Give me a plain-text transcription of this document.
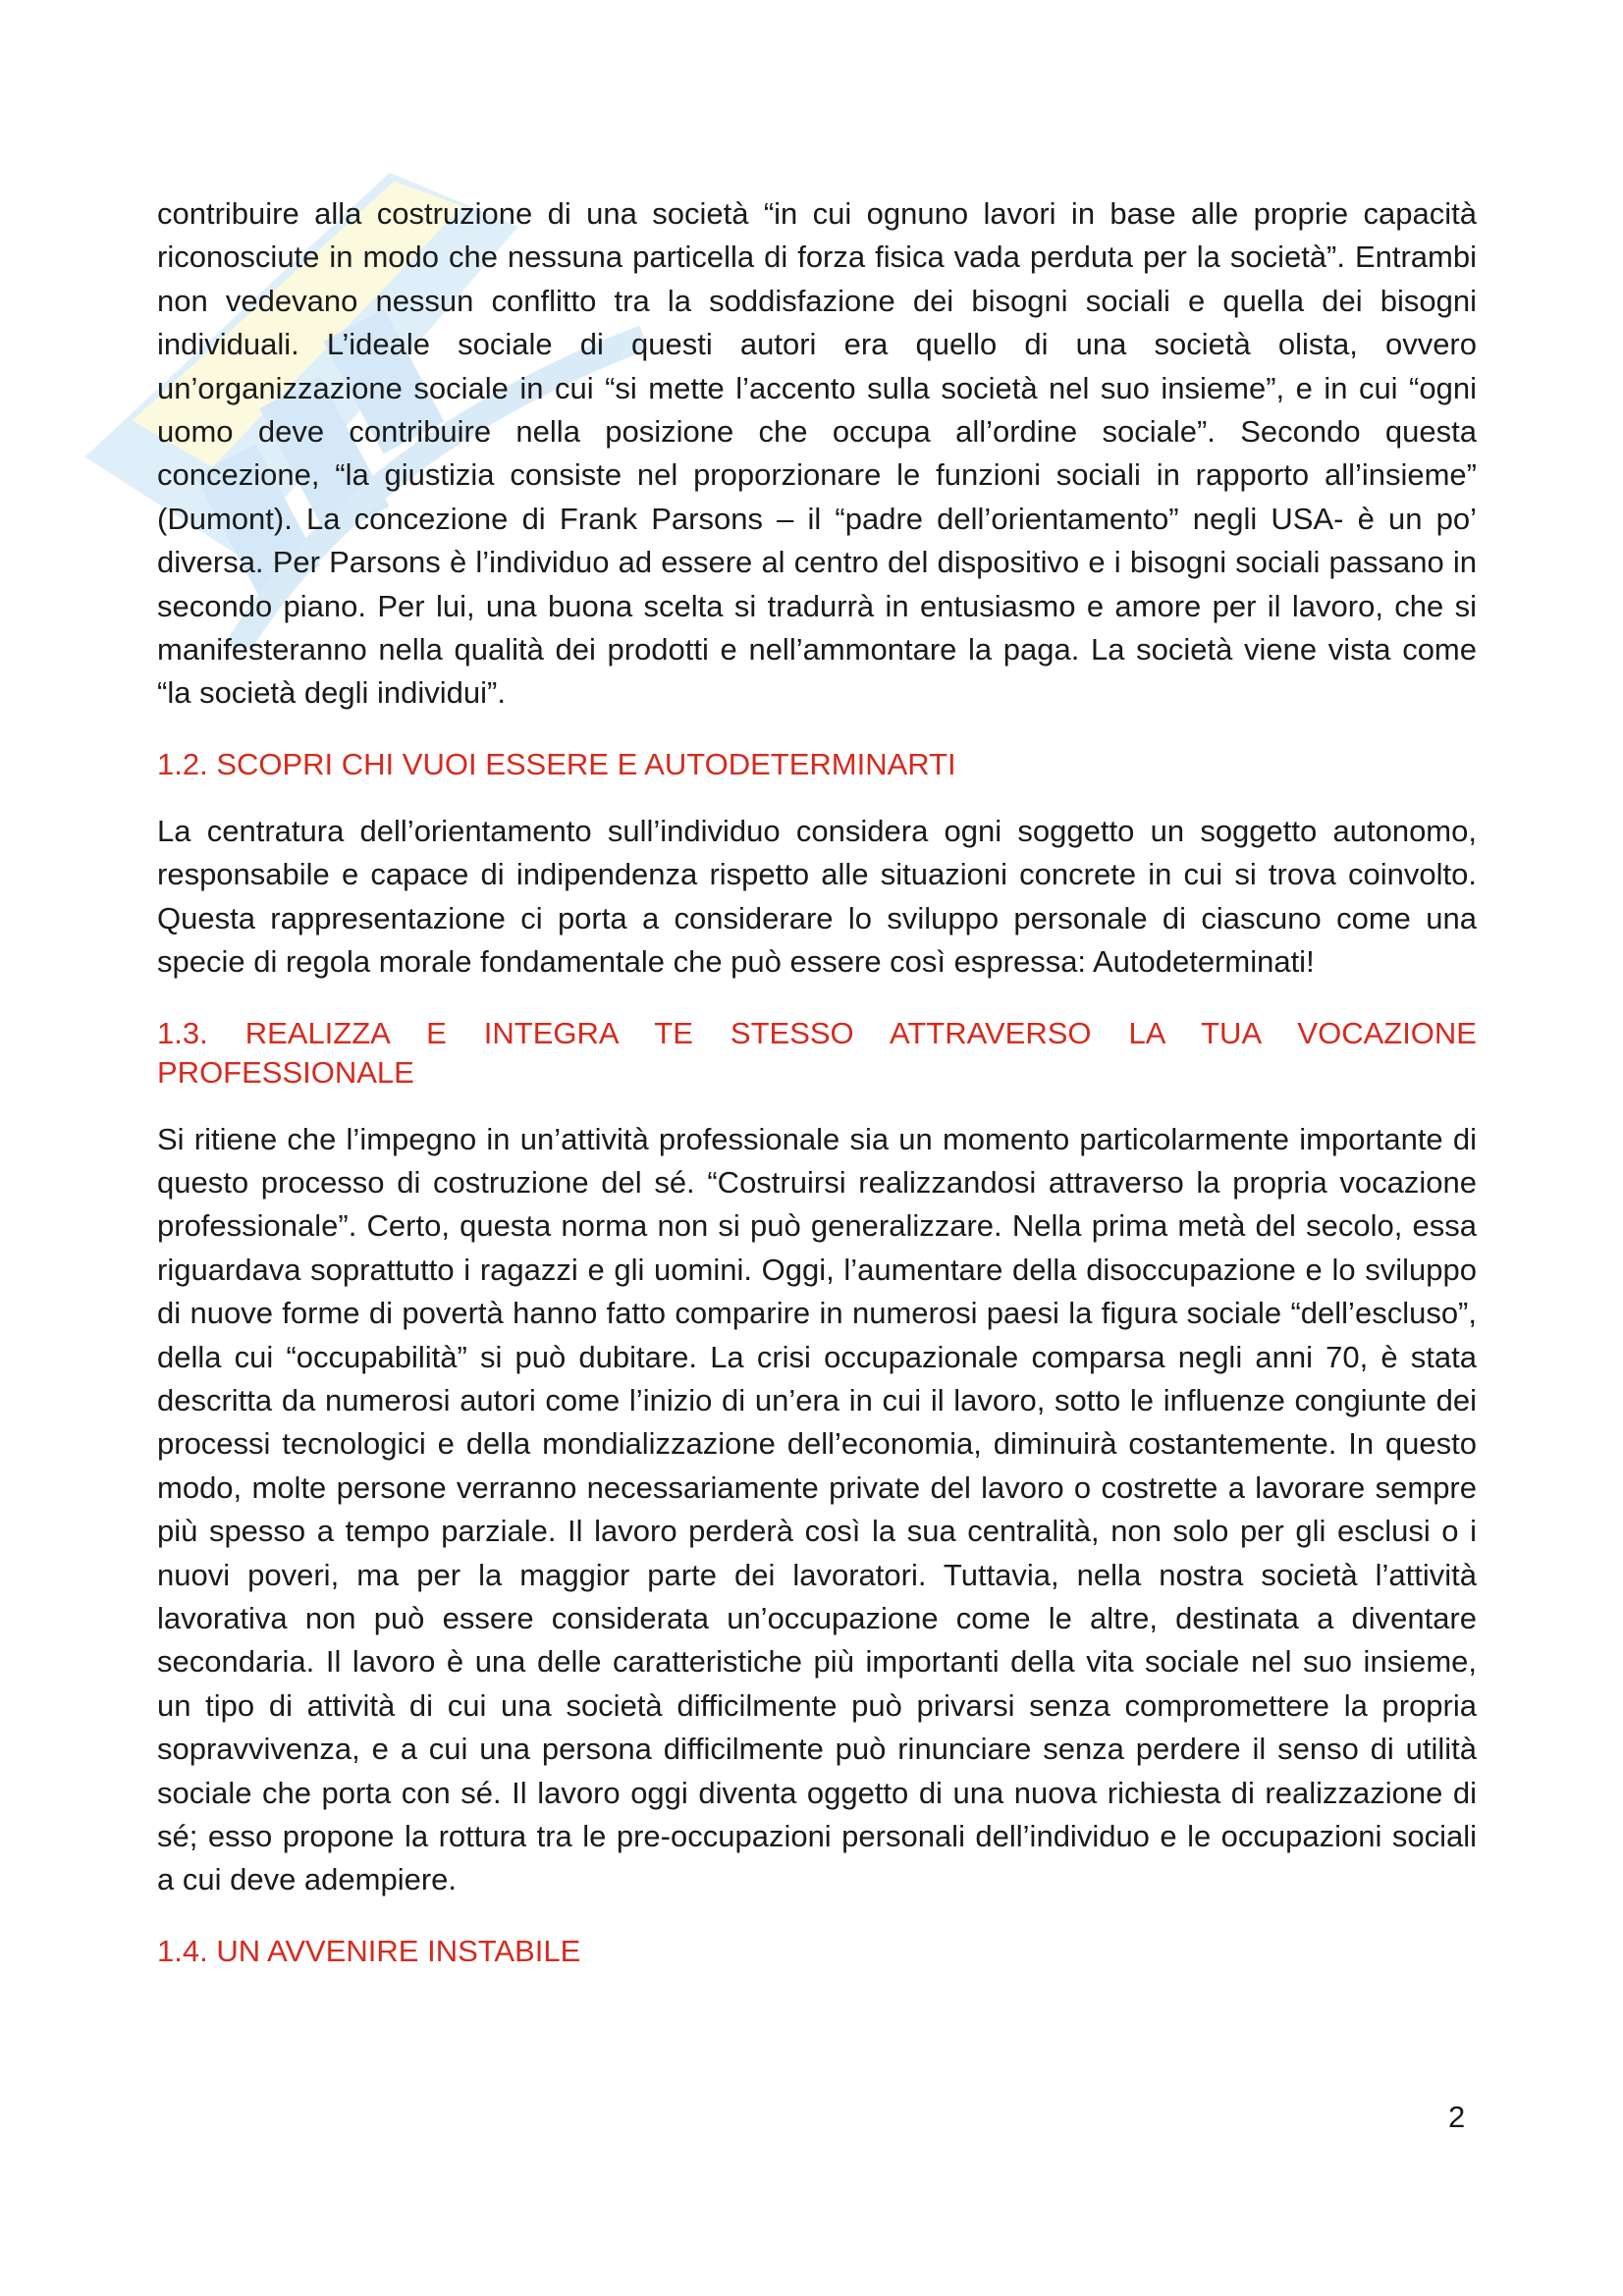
contribuire alla costruzione di una società “in cui ognuno lavori in base alle proprie capacità riconosciute in modo che nessuna particella di forza fisica vada perduta per la società”. Entrambi non vedevano nessun conflitto tra la soddisfazione dei bisogni sociali e quella dei bisogni individuali. L’ideale sociale di questi autori era quello di una società olista, ovvero un’organizzazione sociale in cui “si mette l’accento sulla società nel suo insieme”, e in cui “ogni uomo deve contribuire nella posizione che occupa all’ordine sociale”. Secondo questa concezione, “la giustizia consiste nel proporzionare le funzioni sociali in rapporto all’insieme” (Dumont). La concezione di Frank Parsons – il “padre dell’orientamento” negli USA- è un po’ diversa. Per Parsons è l’individuo ad essere al centro del dispositivo e i bisogni sociali passano in secondo piano. Per lui, una buona scelta si tradurrà in entusiasmo e amore per il lavoro, che si manifesteranno nella qualità dei prodotti e nell’ammontare la paga. La società viene vista come “la società degli individui”.

1.2. SCOPRI CHI VUOI ESSERE E AUTODETERMINARTI

La centratura dell’orientamento sull’individuo considera ogni soggetto un soggetto autonomo, responsabile e capace di indipendenza rispetto alle situazioni concrete in cui si trova coinvolto. Questa rappresentazione ci porta a considerare lo sviluppo personale di ciascuno come una specie di regola morale fondamentale che può essere così espressa: Autodeterminati!

1.3. REALIZZA E INTEGRA TE STESSO ATTRAVERSO LA TUA VOCAZIONE PROFESSIONALE

Si ritiene che l’impegno in un’attività professionale sia un momento particolarmente importante di questo processo di costruzione del sé. “Costruirsi realizzandosi attraverso la propria vocazione professionale”. Certo, questa norma non si può generalizzare. Nella prima metà del secolo, essa riguardava soprattutto i ragazzi e gli uomini. Oggi, l’aumentare della disoccupazione e lo sviluppo di nuove forme di povertà hanno fatto comparire in numerosi paesi la figura sociale “dell’escluso”, della cui “occupabilità” si può dubitare. La crisi occupazionale comparsa negli anni 70, è stata descritta da numerosi autori come l’inizio di un’era in cui il lavoro, sotto le influenze congiunte dei processi tecnologici e della mondializzazione dell’economia, diminuirà costantemente. In questo modo, molte persone verranno necessariamente private del lavoro o costrette a lavorare sempre più spesso a tempo parziale. Il lavoro perderà così la sua centralità, non solo per gli esclusi o i nuovi poveri, ma per la maggior parte dei lavoratori. Tuttavia, nella nostra società l’attività lavorativa non può essere considerata un’occupazione come le altre, destinata a diventare secondaria. Il lavoro è una delle caratteristiche più importanti della vita sociale nel suo insieme, un tipo di attività di cui una società difficilmente può privarsi senza compromettere la propria sopravvivenza, e a cui una persona difficilmente può rinunciare senza perdere il senso di utilità sociale che porta con sé. Il lavoro oggi diventa oggetto di una nuova richiesta di realizzazione di sé; esso propone la rottura tra le pre-occupazioni personali dell’individuo e le occupazioni sociali a cui deve adempiere.

1.4. UN AVVENIRE INSTABILE
2
